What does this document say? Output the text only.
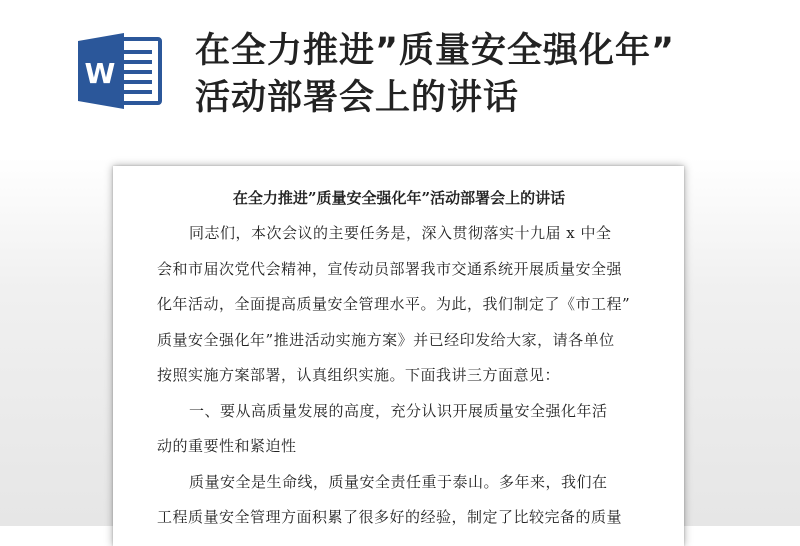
W
在全力推进”质量安全强化年”
活动部署会上的讲话
在全力推进”质量安全强化年”活动部署会上的讲话
同志们，本次会议的主要任务是，深入贯彻落实十九届 x 中全
会和市届次党代会精神，宣传动员部署我市交通系统开展质量安全强
化年活动，全面提高质量安全管理水平。为此，我们制定了《市工程”
质量安全强化年”推进活动实施方案》并已经印发给大家，请各单位
按照实施方案部署，认真组织实施。下面我讲三方面意见：
一、要从高质量发展的高度，充分认识开展质量安全强化年活
动的重要性和紧迫性
质量安全是生命线，质量安全责任重于泰山。多年来，我们在
工程质量安全管理方面积累了很多好的经验，制定了比较完备的质量
